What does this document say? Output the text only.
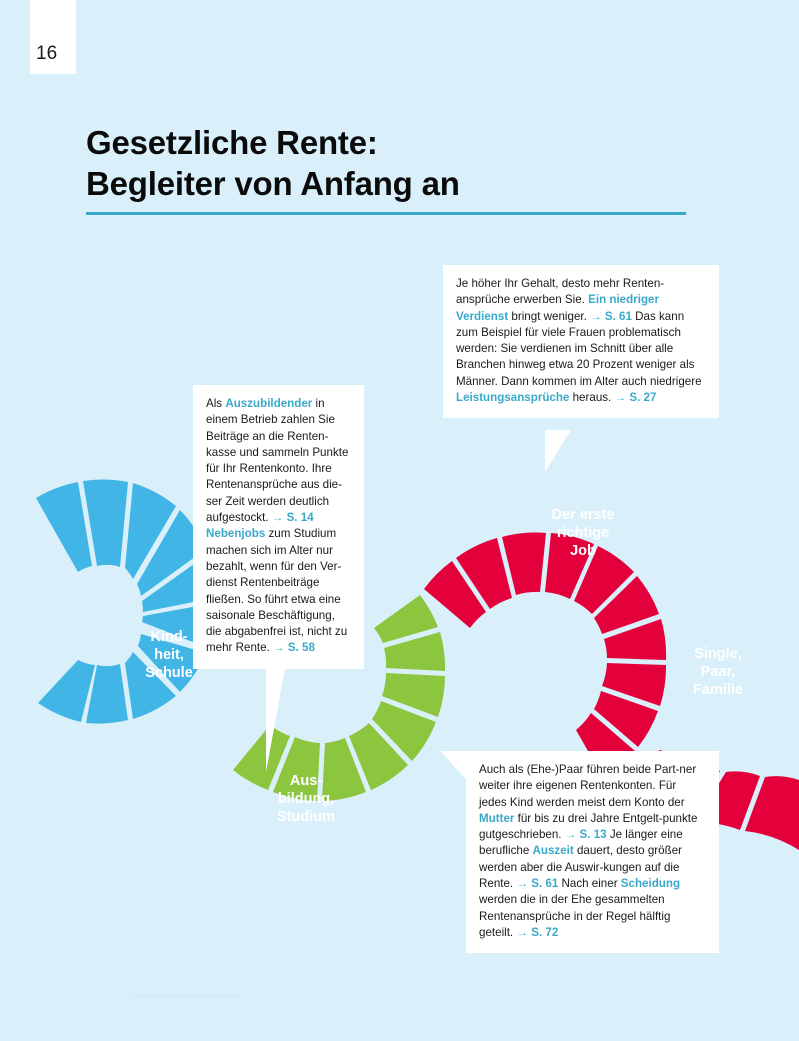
16
Gesetzliche Rente:
Begleiter von Anfang an
Kind-
heit,
Schule
Aus-
bildung,
Studium
Der erste
richtige
Job
Single,
Paar,
Familie

Je höher Ihr Gehalt, desto mehr Renten-ansprüche erwerben Sie. Ein niedriger Verdienst bringt weniger. → S. 61 Das kann zum Beispiel für viele Frauen problematisch werden: Sie verdienen im Schnitt über alle Branchen hinweg etwa 20 Prozent weniger als Männer. Dann kommen im Alter auch niedrigere Leistungsansprüche heraus. → S. 27

Als Auszubildender in einem Betrieb zahlen Sie Beiträge an die Renten-kasse und sammeln Punkte für Ihr Rentenkonto. Ihre Rentenansprüche aus die-ser Zeit werden deutlich aufgestockt. → S. 14 Nebenjobs zum Studium machen sich im Alter nur bezahlt, wenn für den Ver-dienst Rentenbeiträge fließen. So führt etwa eine saisonale Beschäftigung, die abgabenfrei ist, nicht zu mehr Rente. → S. 58

Auch als (Ehe-)Paar führen beide Part-ner weiter ihre eigenen Rentenkonten. Für jedes Kind werden meist dem Konto der Mutter für bis zu drei Jahre Entgelt-punkte gutgeschrieben. → S. 13 Je länger eine berufliche Auszeit dauert, desto größer werden aber die Auswir-kungen auf die Rente. → S. 61 Nach einer Scheidung werden die in der Ehe gesammelten Rentenansprüche in der Regel hälftig geteilt. → S. 72
